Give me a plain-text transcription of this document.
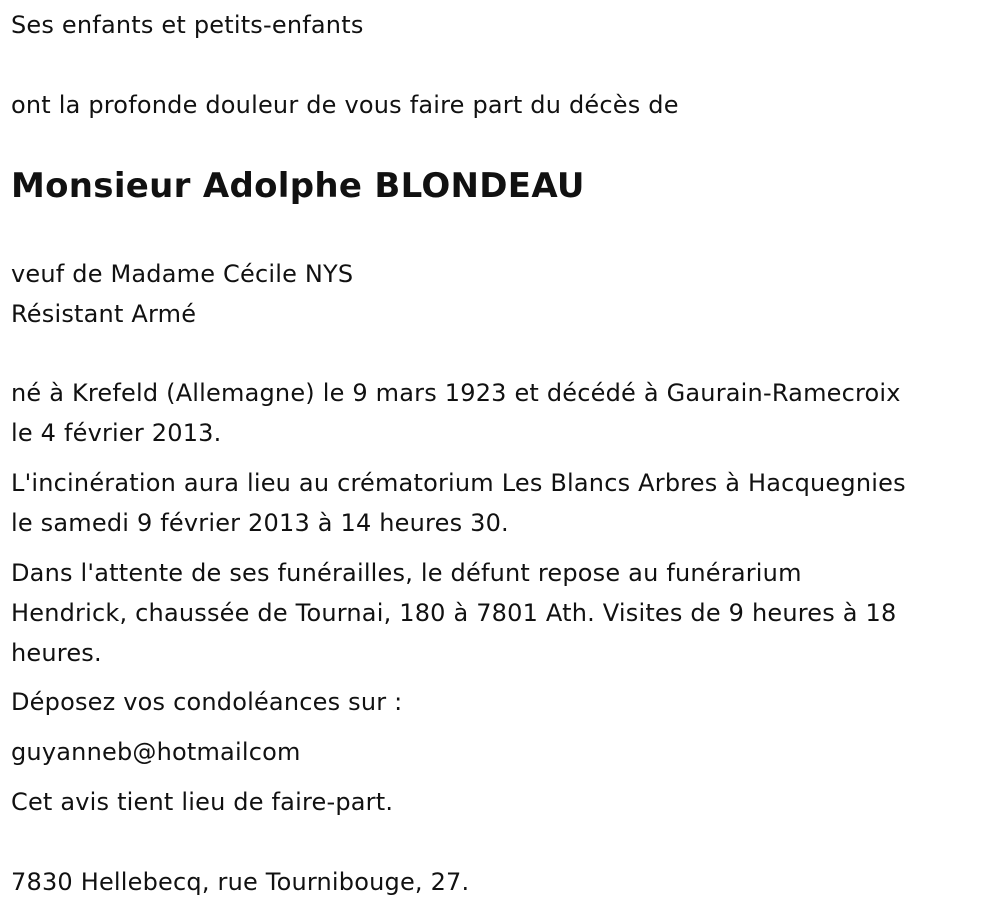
Ses enfants et petits-enfants
ont la profonde douleur de vous faire part du décès de
Monsieur Adolphe BLONDEAU
veuf de Madame Cécile NYS
Résistant Armé
né à Krefeld (Allemagne) le 9 mars 1923 et décédé à Gaurain-Ramecroix
le 4 février 2013.
L'incinération aura lieu au crématorium Les Blancs Arbres à Hacquegnies
le samedi 9 février 2013 à 14 heures 30.
Dans l'attente de ses funérailles, le défunt repose au funérarium
Hendrick, chaussée de Tournai, 180 à 7801 Ath. Visites de 9 heures à 18
heures.
Déposez vos condoléances sur :
guyanneb@hotmailcom
Cet avis tient lieu de faire-part.
7830 Hellebecq, rue Tournibouge, 27.
